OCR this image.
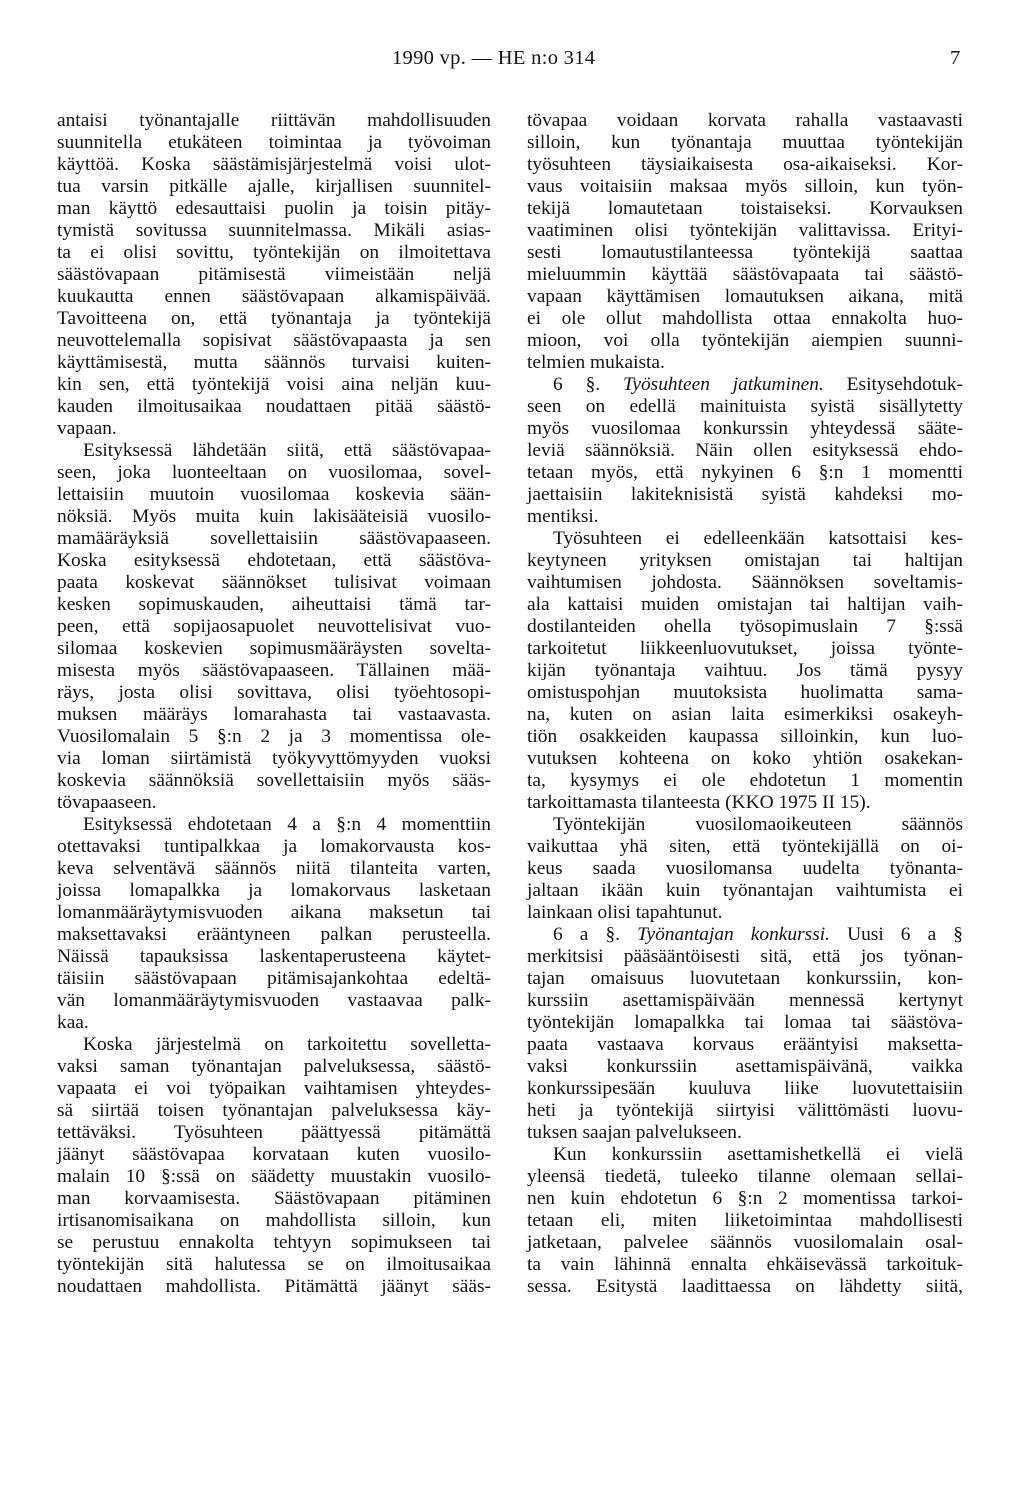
1990 vp. — HE n:o 314	7

antaisi työnantajalle riittävän mahdollisuuden

suunnitella etukäteen toimintaa ja työvoiman

käyttöä. Koska säästämisjärjestelmä voisi ulot-

tua varsin pitkälle ajalle, kirjallisen suunnitel-

man käyttö edesauttaisi puolin ja toisin pitäy-

tymistä sovitussa suunnitelmassa. Mikäli asias-

ta ei olisi sovittu, työntekijän on ilmoitettava

säästövapaan pitämisestä viimeistään neljä

kuukautta ennen säästövapaan alkamispäivää.

Tavoitteena on, että työnantaja ja työntekijä

neuvottelemalla sopisivat säästövapaasta ja sen

käyttämisestä, mutta säännös turvaisi kuiten-

kin sen, että työntekijä voisi aina neljän kuu-

kauden ilmoitusaikaa noudattaen pitää säästö-

vapaan.

Esityksessä lähdetään siitä, että säästövapaa-

seen, joka luonteeltaan on vuosilomaa, sovel-

lettaisiin muutoin vuosilomaa koskevia sään-

nöksiä. Myös muita kuin lakisääteisiä vuosilo-

mamääräyksiä sovellettaisiin säästövapaaseen.

Koska esityksessä ehdotetaan, että säästöva-

paata koskevat säännökset tulisivat voimaan

kesken sopimuskauden, aiheuttaisi tämä tar-

peen, että sopijaosapuolet neuvottelisivat vuo-

silomaa koskevien sopimusmääräysten soveltа-

misesta myös säästövapaaseen. Tällainen mää-

räys, josta olisi sovittava, olisi työehtosopi-

muksen määräys lomarahasta tai vastaavasta.

Vuosilomalain 5 §:n 2 ja 3 momentissa ole-

via loman siirtämistä työkyvyttömyyden vuoksi

koskevia säännöksiä sovellettaisiin myös sääs-

tövapaaseen.

Esityksessä ehdotetaan 4 a §:n 4 momenttiin

otettavaksi tuntipalkkaa ja lomakorvausta kos-

keva selventävä säännös niitä tilanteita varten,

joissa lomapalkka ja lomakorvaus lasketaan

lomanmääräytymisvuoden aikana maksetun tai

maksettavaksi erääntyneen palkan perusteella.

Näissä tapauksissa laskentaperusteena käytet-

täisiin säästövapaan pitämisajankohtaa edeltä-

vän lomanmääräytymisvuoden vastaavaa palk-

kaa.

Koska järjestelmä on tarkoitettu sovelletta-

vaksi saman työnantajan palveluksessa, säästö-

vapaata ei voi työpaikan vaihtamisen yhteydes-

sä siirtää toisen työnantajan palveluksessa käy-

tettäväksi. Työsuhteen päättyessä pitämättä

jäänyt säästövapaa korvataan kuten vuosilo-

malain 10 §:ssä on säädetty muustakin vuosilo-

man korvaamisesta. Säästövapaan pitäminen

irtisanomisaikana on mahdollista silloin, kun

se perustuu ennakolta tehtyyn sopimukseen tai

työntekijän sitä halutessa se on ilmoitusaikaa

noudattaen mahdollista. Pitämättä jäänyt sääs-

tövapaa voidaan korvata rahalla vastaavasti

silloin, kun työnantaja muuttaa työntekijän

työsuhteen täysiaikaisesta osa-aikaiseksi. Kor-

vaus voitaisiin maksaa myös silloin, kun työn-

tekijä lomautetaan toistaiseksi. Korvauksen

vaatiminen olisi työntekijän valittavissa. Erityi-

sesti lomautustilanteessa työntekijä saattaa

mieluummin käyttää säästövapaata tai säästö-

vapaan käyttämisen lomautuksen aikana, mitä

ei ole ollut mahdollista ottaa ennakolta huo-

mioon, voi olla työntekijän aiempien suunni-

telmien mukaista.

6 §. Työsuhteen jatkuminen. Esitysehdotuk-

seen on edellä mainituista syistä sisällytetty

myös vuosilomaa konkurssin yhteydessä sääte-

leviä säännöksiä. Näin ollen esityksessä ehdo-

tetaan myös, että nykyinen 6 §:n 1 momentti

jaettaisiin lakiteknisistä syistä kahdeksi mo-

mentiksi.

Työsuhteen ei edelleenkään katsottaisi kes-

keytyneen yrityksen omistajan tai haltijan

vaihtumisen johdosta. Säännöksen soveltamis-

ala kattaisi muiden omistajan tai haltijan vaih-

dostilanteiden ohella työsopimuslain 7 §:ssä

tarkoitetut liikkeenluovutukset, joissa työnte-

kijän työnantaja vaihtuu. Jos tämä pysyy

omistuspohjan muutoksista huolimatta sama-

na, kuten on asian laita esimerkiksi osakeyh-

tiön osakkeiden kaupassa silloinkin, kun luo-

vutuksen kohteena on koko yhtiön osakekan-

ta, kysymys ei ole ehdotetun 1 momentin

tarkoittamasta tilanteesta (KKO 1975 II 15).

Työntekijän vuosilomaoikeuteen säännös

vaikuttaa yhä siten, että työntekijällä on oi-

keus saada vuosilomansa uudelta työnanta-

jaltaan ikään kuin työnantajan vaihtumista ei

lainkaan olisi tapahtunut.

6 a §. Työnantajan konkurssi. Uusi 6 a §

merkitsisi pääsääntöisesti sitä, että jos työnan-

tajan omaisuus luovutetaan konkurssiin, kon-

kurssiin asettamispäivään mennessä kertynyt

työntekijän lomapalkka tai lomaa tai säästöva-

paata vastaava korvaus erääntyisi maksetta-

vaksi konkurssiin asettamispäivänä, vaikka

konkurssipesään kuuluva liike luovutettaisiin

heti ja työntekijä siirtyisi välittömästi luovu-

tuksen saajan palvelukseen.

Kun konkurssiin asettamishetkellä ei vielä

yleensä tiedetä, tuleeko tilanne olemaan sellai-

nen kuin ehdotetun 6 §:n 2 momentissa tarkoi-

tetaan eli, miten liiketoimintaa mahdollisesti

jatketaan, palvelee säännös vuosilomalain osal-

ta vain lähinnä ennalta ehkäisevässä tarkoituk-

sessa. Esitystä laadittaessa on lähdetty siitä,
